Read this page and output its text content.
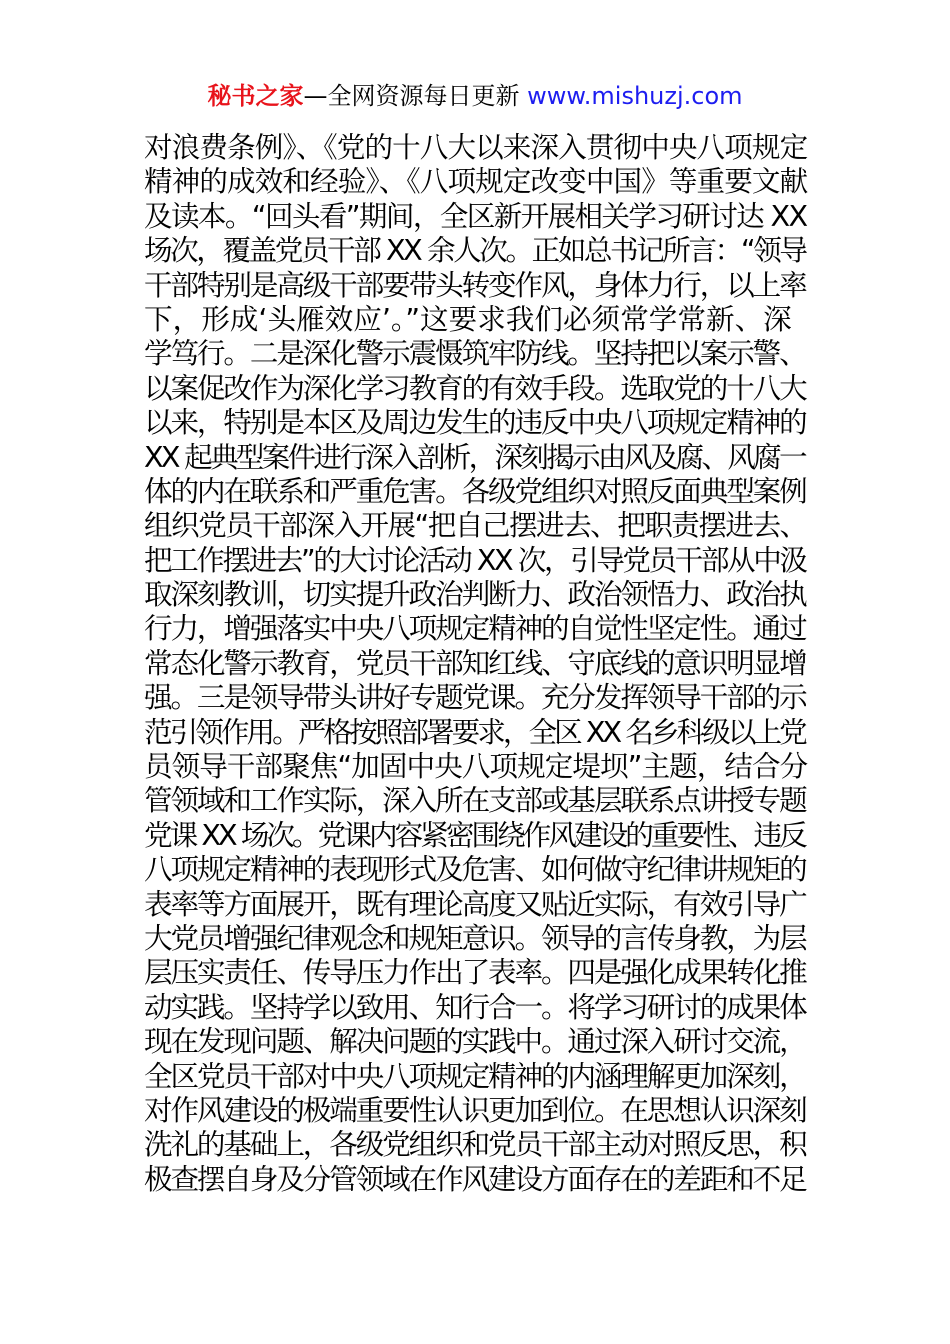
秘书之家—全网资源每日更新 www.mishuzj.com
对浪费条例》、《党的十八大以来深入贯彻中央八项规定
精神的成效和经验》、《八项规定改变中国》等重要文献
及读本。“回头看”期间，全区新开展相关学习研讨达 XX
场次，覆盖党员干部 XX 余人次。正如总书记所言：“领导
干部特别是高级干部要带头转变作风，身体力行，以上率
下，形成‘头雁效应’。”这要求我们必须常学常新、深
学笃行。二是深化警示震慑筑牢防线。坚持把以案示警、
以案促改作为深化学习教育的有效手段。选取党的十八大
以来，特别是本区及周边发生的违反中央八项规定精神的
XX 起典型案件进行深入剖析，深刻揭示由风及腐、风腐一
体的内在联系和严重危害。各级党组织对照反面典型案例
组织党员干部深入开展“把自己摆进去、把职责摆进去、
把工作摆进去”的大讨论活动 XX 次，引导党员干部从中汲
取深刻教训，切实提升政治判断力、政治领悟力、政治执
行力，增强落实中央八项规定精神的自觉性坚定性。通过
常态化警示教育，党员干部知红线、守底线的意识明显增
强。三是领导带头讲好专题党课。充分发挥领导干部的示
范引领作用。严格按照部署要求，全区 XX 名乡科级以上党
员领导干部聚焦“加固中央八项规定堤坝”主题，结合分
管领域和工作实际，深入所在支部或基层联系点讲授专题
党课 XX 场次。党课内容紧密围绕作风建设的重要性、违反
八项规定精神的表现形式及危害、如何做守纪律讲规矩的
表率等方面展开，既有理论高度又贴近实际，有效引导广
大党员增强纪律观念和规矩意识。领导的言传身教，为层
层压实责任、传导压力作出了表率。四是强化成果转化推
动实践。坚持学以致用、知行合一。将学习研讨的成果体
现在发现问题、解决问题的实践中。通过深入研讨交流，
全区党员干部对中央八项规定精神的内涵理解更加深刻，
对作风建设的极端重要性认识更加到位。在思想认识深刻
洗礼的基础上，各级党组织和党员干部主动对照反思，积
极查摆自身及分管领域在作风建设方面存在的差距和不足
